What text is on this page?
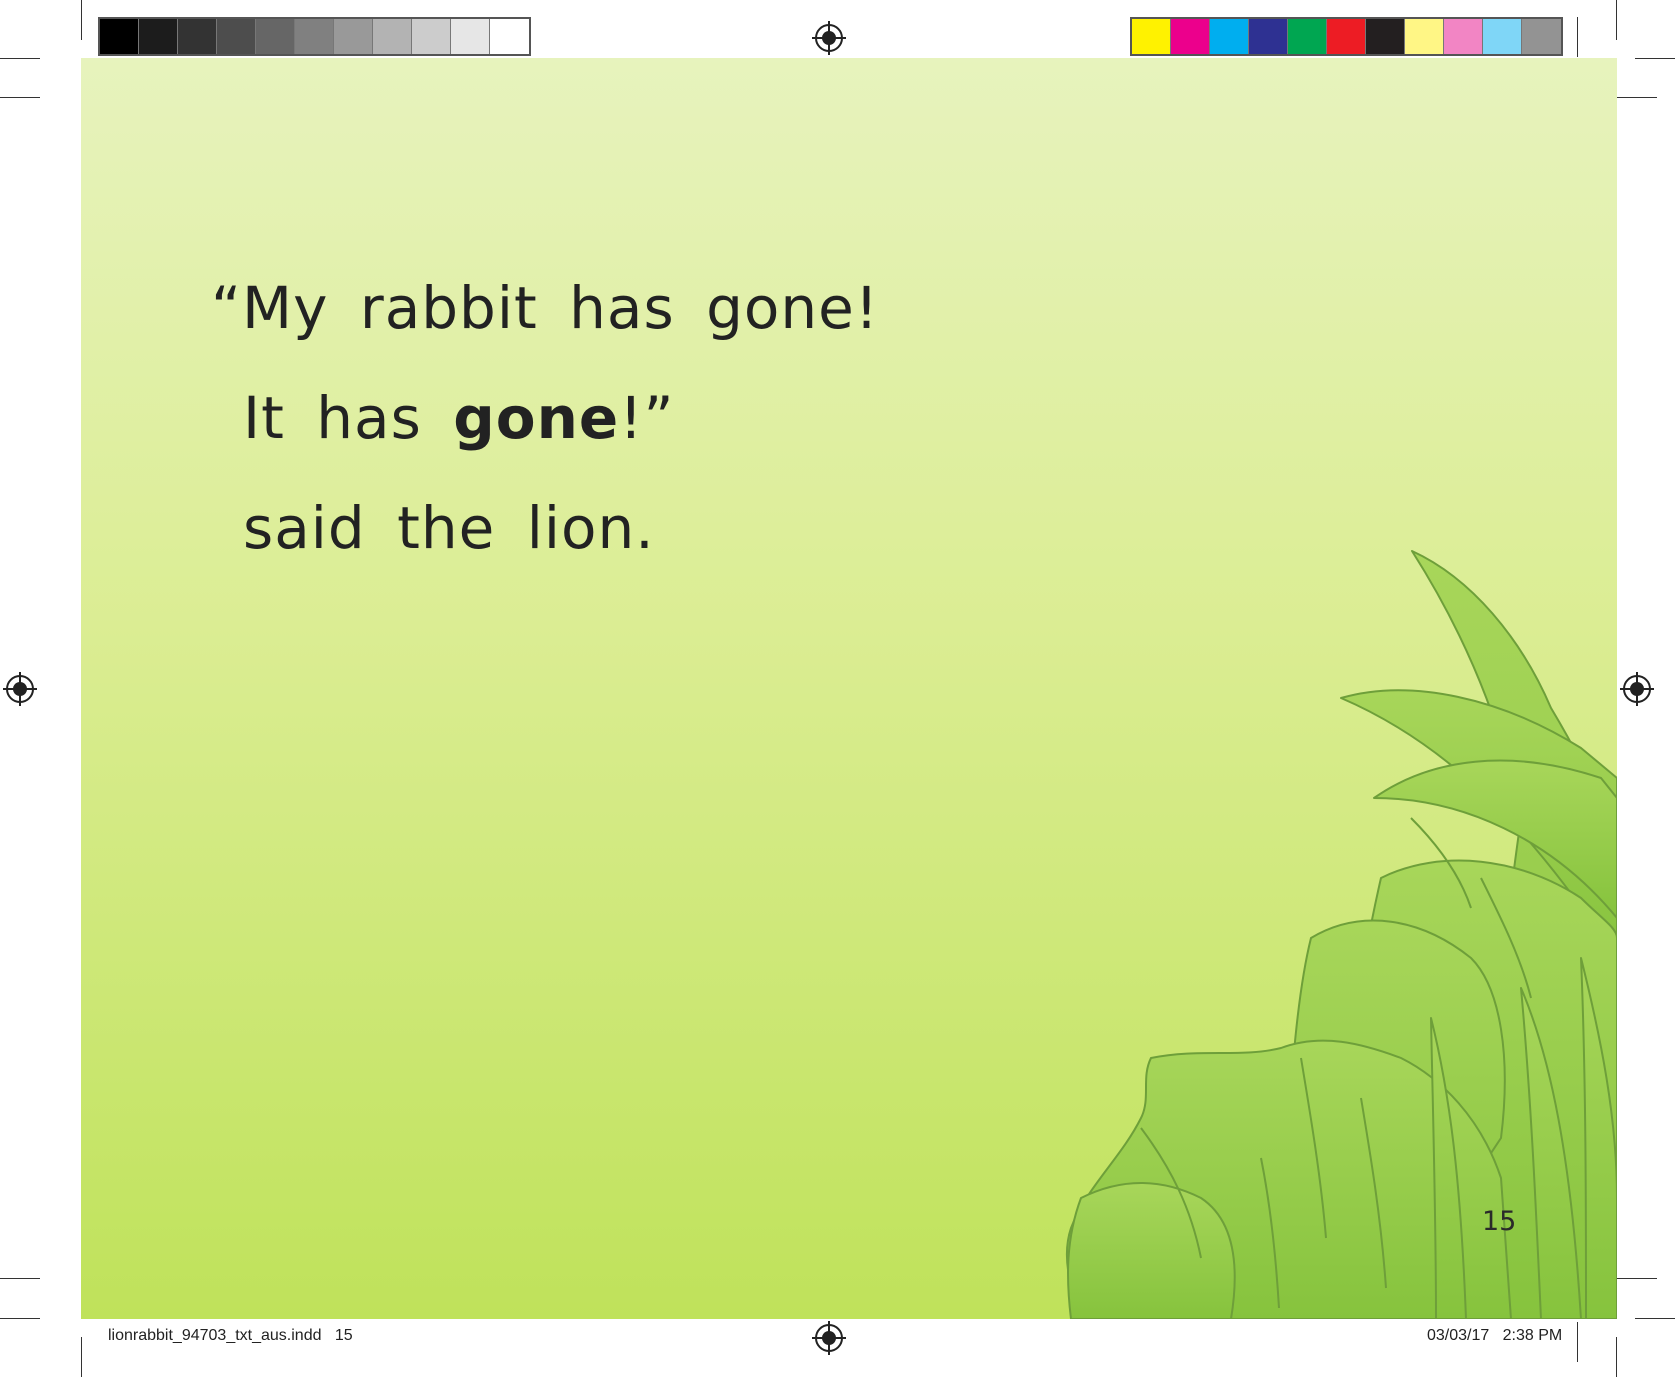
“My rabbit has gone!
It has gone!”
said the lion.
15
lionrabbit_94703_txt_aus.indd 15	03/03/17 2:38 PM
